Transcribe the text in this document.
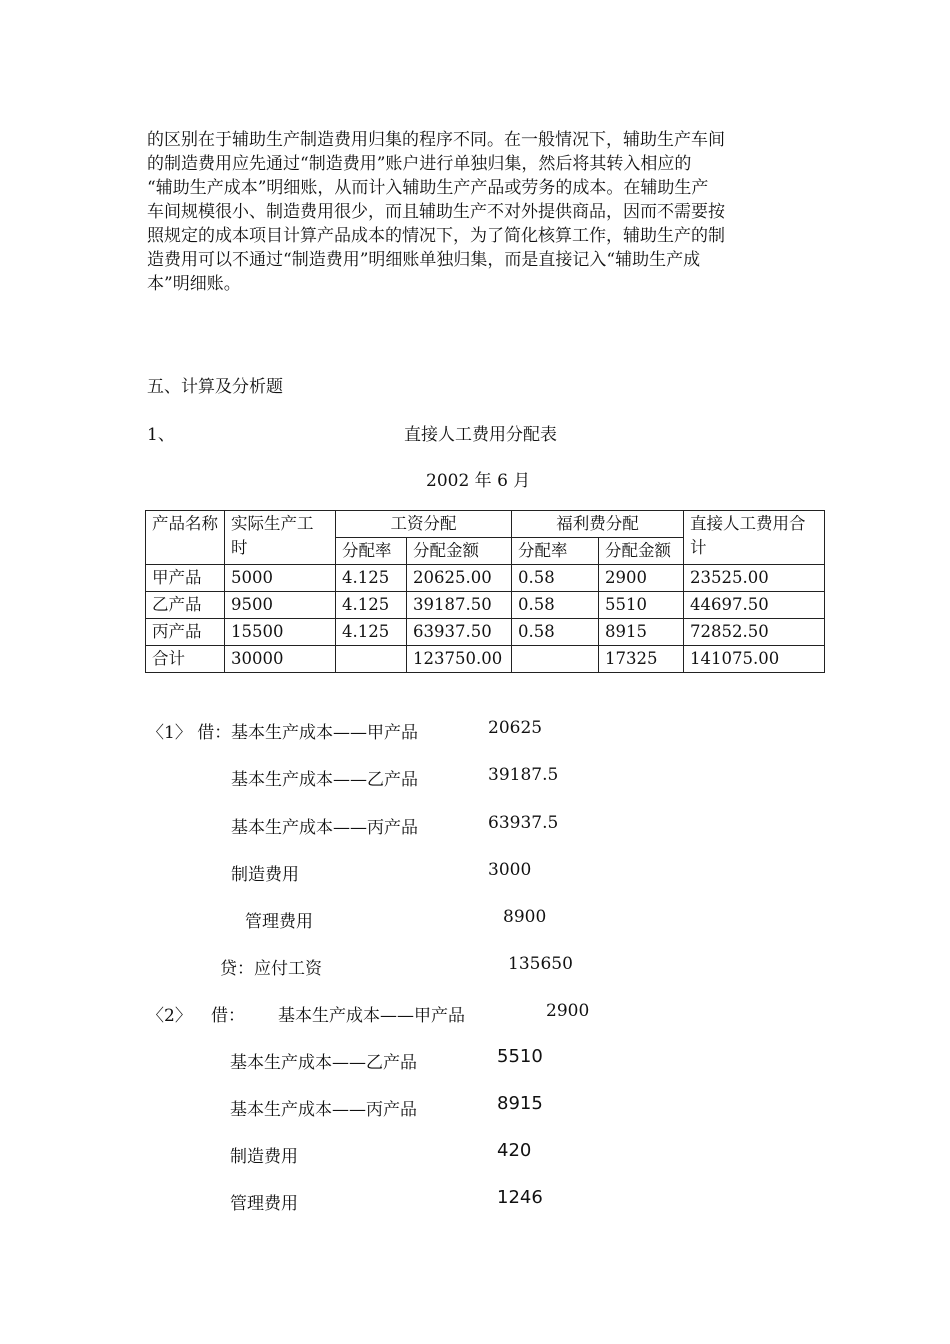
的区别在于辅助生产制造费用归集的程序不同。在一般情况下，辅助生产车间
的制造费用应先通过“制造费用”账户进行单独归集，然后将其转入相应的
“辅助生产成本”明细账，从而计入辅助生产产品或劳务的成本。在辅助生产
车间规模很小、制造费用很少，而且辅助生产不对外提供商品，因而不需要按
照规定的成本项目计算产品成本的情况下，为了简化核算工作，辅助生产的制
造费用可以不通过“制造费用”明细账单独归集，而是直接记入“辅助生产成
本”明细账。
五、计算及分析题
1、	直接人工费用分配表
2002 年 6 月
产品名称	实际生产工时	工资分配		福利费分配		直接人工费用合计
		分配率	分配金额	分配率	分配金额	
甲产品	5000	4.125	20625.00	0.58	2900	23525.00
乙产品	9500	4.125	39187.50	0.58	5510	44697.50
丙产品	15500	4.125	63937.50	0.58	8915	72852.50
合计	30000		123750.00		17325	141075.00
〈1〉 借： 基本生产成本——甲产品	20625
基本生产成本——乙产品	39187.5
基本生产成本——丙产品	63937.5
制造费用	3000
管理费用	8900
贷：应付工资	135650
〈2〉 借： 基本生产成本——甲产品	2900
基本生产成本——乙产品	5510
基本生产成本——丙产品	8915
制造费用	420
管理费用	1246
